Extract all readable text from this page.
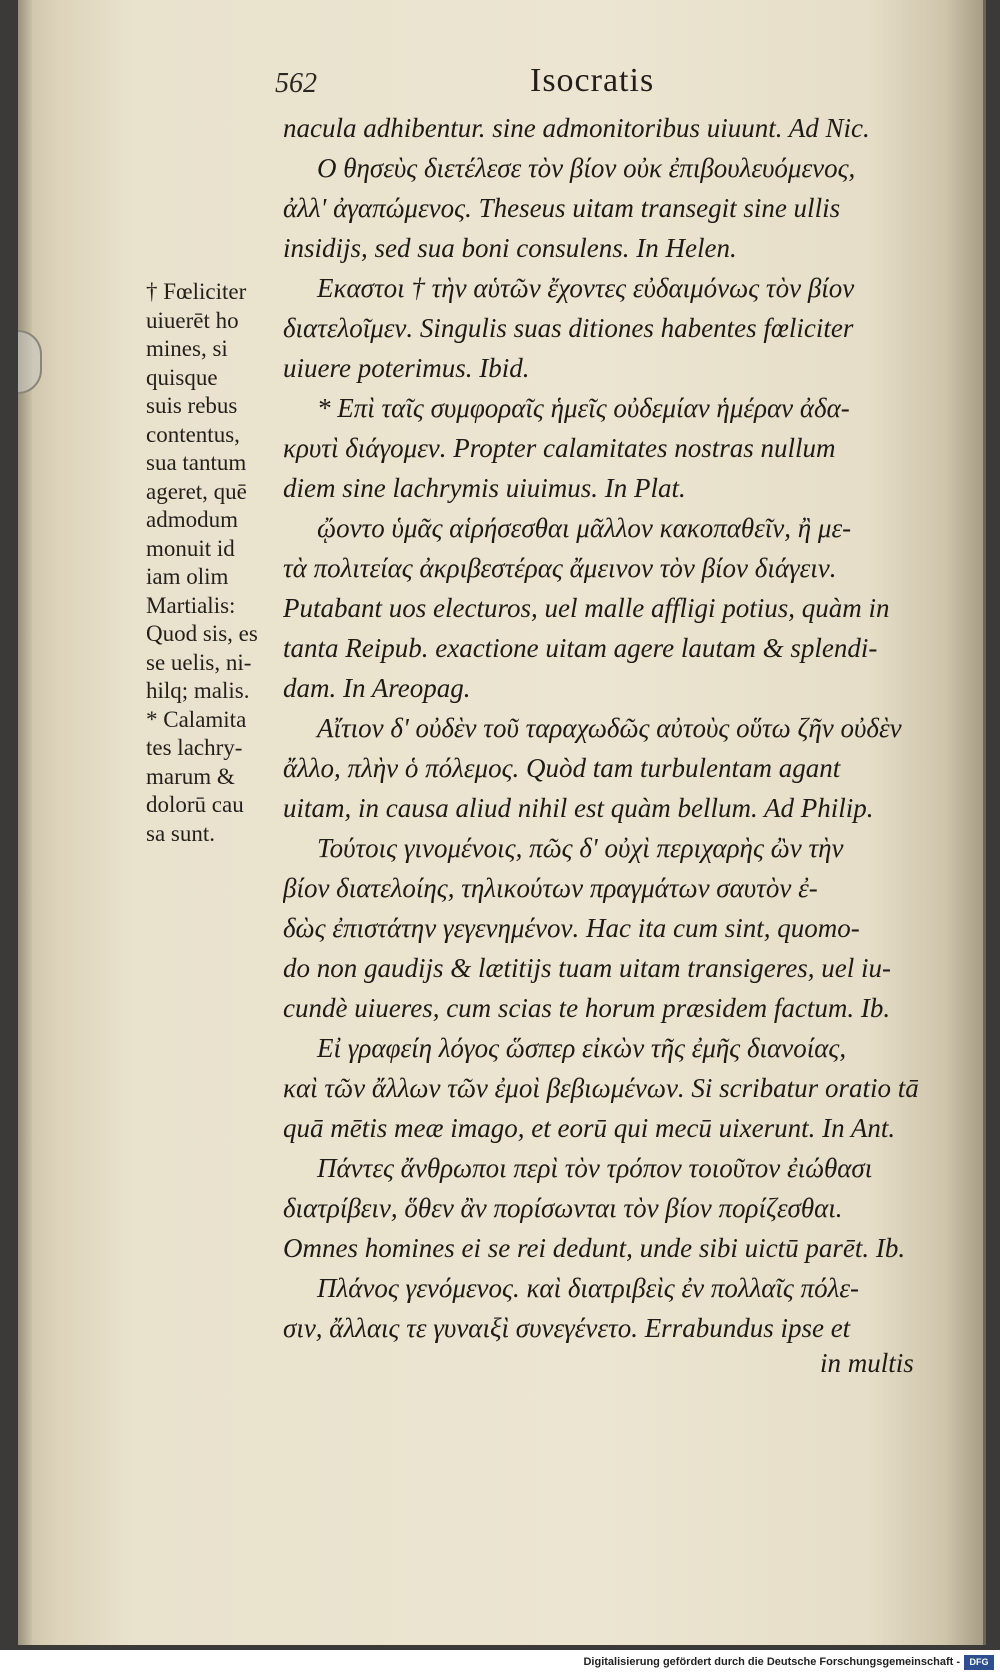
562	Isocratis
† Fœliciter
uiuerēt ho
mines, si
quisque
suis rebus
contentus,
sua tantum
ageret, quē
admodum
monuit id
iam olim
Martialis:
Quod sis, es
se uelis, ni-
hilq; malis.
* Calamita
tes lachry-
marum &
dolorū cau
sa sunt.
nacula adhibentur. sine admonitoribus uiuunt. Ad Nic.
Ο θησεὺς διετέλεσε τὸν βίον οὐκ ἐπιβουλευόμενος,
ἀλλ' ἀγαπώμενος. Theseus uitam transegit sine ullis
insidijs, sed sua boni consulens. In Helen.
Εκαστοι † τὴν αὑτῶν ἔχοντες εὐδαιμόνως τὸν βίον
διατελοῖμεν. Singulis suas ditiones habentes fœliciter
uiuere poterimus. Ibid.
* Επὶ ταῖς συμφοραῖς ἡμεῖς οὐδεμίαν ἡμέραν ἀδα-
κρυτὶ διάγομεν. Propter calamitates nostras nullum
diem sine lachrymis uiuimus. In Plat.
ᾤοντο ὑμᾶς αἱρήσεσθαι μᾶλλον κακοπαθεῖν, ἢ με-
τὰ πολιτείας ἀκριβεστέρας ἄμεινον τὸν βίον διάγειν.
Putabant uos electuros, uel malle affligi potius, quàm in
tanta Reipub. exactione uitam agere lautam & splendi-
dam. In Areopag.
Αἴτιον δ' οὐδὲν τοῦ ταραχωδῶς αὐτοὺς οὕτω ζῆν οὐδὲν
ἄλλο, πλὴν ὁ πόλεμος. Quòd tam turbulentam agant
uitam, in causa aliud nihil est quàm bellum. Ad Philip.
Τούτοις γινομένοις, πῶς δ' οὐχὶ περιχαρὴς ὢν τὴν
βίον διατελοίης, τηλικούτων πραγμάτων σαυτὸν ἐ-
δὼς ἐπιστάτην γεγενημένον. Hac ita cum sint, quomo-
do non gaudijs & lætitijs tuam uitam transigeres, uel iu-
cundè uiueres, cum scias te horum præsidem factum. Ib.
Εἰ γραφείη λόγος ὥσπερ εἰκὼν τῆς ἐμῆς διανοίας,
καὶ τῶν ἄλλων τῶν ἐμοὶ βεβιωμένων. Si scribatur oratio tā
quā mētis meæ imago, et eorū qui mecū uixerunt. In Ant.
Πάντες ἄνθρωποι περὶ τὸν τρόπον τοιοῦτον ἐιώθασι
διατρίβειν, ὅθεν ἂν πορίσωνται τὸν βίον πορίζεσθαι.
Omnes homines ei se rei dedunt, unde sibi uictū parēt. Ib.
Πλάνος γενόμενος. καὶ διατριβεὶς ἐν πολλαῖς πόλε-
σιν, ἄλλαις τε γυναιξὶ συνεγένετο. Errabundus ipse et
in multis
Digitalisierung gefördert durch die Deutsche Forschungsgemeinschaft -	DFG
